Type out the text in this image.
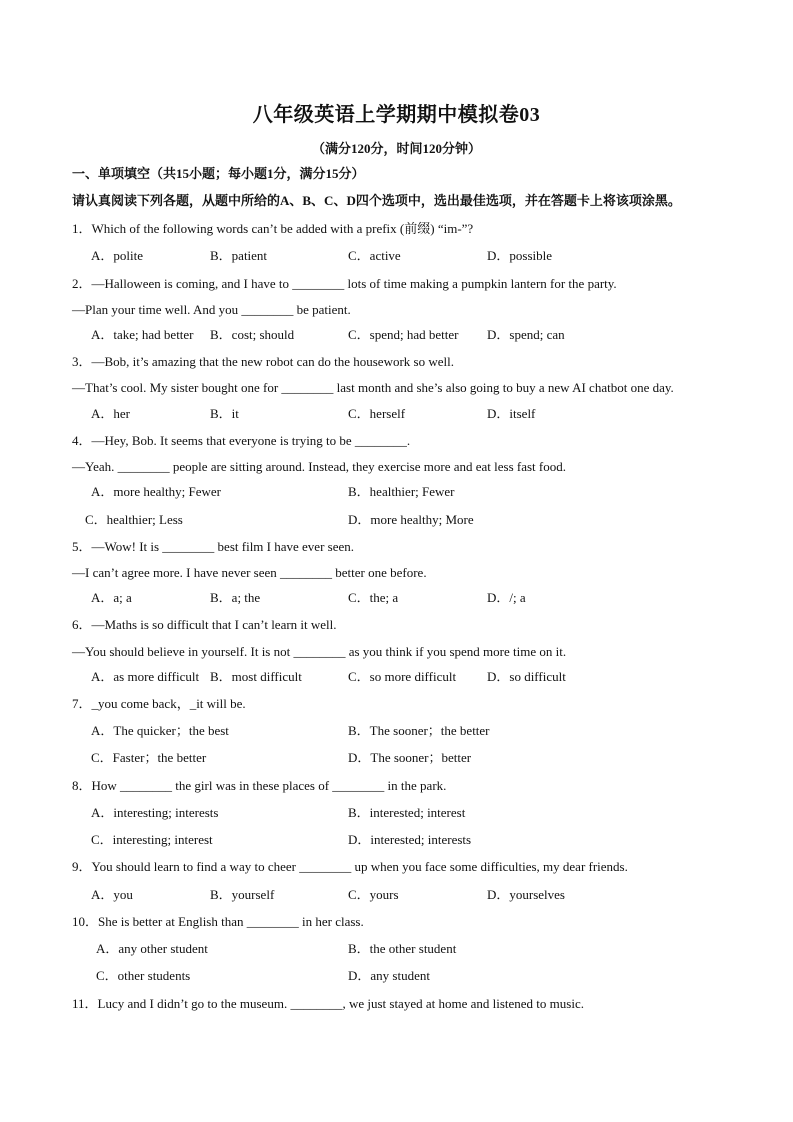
八年级英语上学期期中模拟卷03
（满分120分，时间120分钟）
一、单项填空（共15小题；每小题1分，满分15分）
请认真阅读下列各题，从题中所给的A、B、C、D四个选项中，选出最佳选项，并在答题卡上将该项涂黑。
1．Which of the following words can’t be added with a prefix (前缀) “im-”?
A．polite	B．patient	C．active	D．possible
2．—Halloween is coming, and I have to ________ lots of time making a pumpkin lantern for the party.
—Plan your time well. And you ________ be patient.
A．take; had better B．cost; should	C．spend; had better D．spend; can
3．—Bob, it’s amazing that the new robot can do the housework so well.
—That’s cool. My sister bought one for ________ last month and she’s also going to buy a new AI chatbot one day.
A．her	B．it	C．herself	D．itself
4．—Hey, Bob. It seems that everyone is trying to be ________.
—Yeah. ________ people are sitting around. Instead, they exercise more and eat less fast food.
A．more healthy; Fewer	B．healthier; Fewer
C．healthier; Less	D．more healthy; More
5．—Wow! It is ________ best film I have ever seen.
—I can’t agree more. I have never seen ________ better one before.
A．a; a	B．a; the	C．the; a	D．/; a
6．—Maths is so difficult that I can’t learn it well.
—You should believe in yourself. It is not ________ as you think if you spend more time on it.
A．as more difficult B．most difficult	C．so more difficult D．so difficult
7．_you come back，_it will be.
A．The quicker；the best	B．The sooner；the better
C．Faster；the better	D．The sooner；better
8．How ________ the girl was in these places of ________ in the park.
A．interesting; interests	B．interested; interest
C．interesting; interest	D．interested; interests
9．You should learn to find a way to cheer ________ up when you face some difficulties, my dear friends.
A．you	B．yourself	C．yours	D．yourselves
10．She is better at English than ________ in her class.
A．any other student	B．the other student
C．other students	D．any student
11．Lucy and I didn’t go to the museum. ________, we just stayed at home and listened to music.
